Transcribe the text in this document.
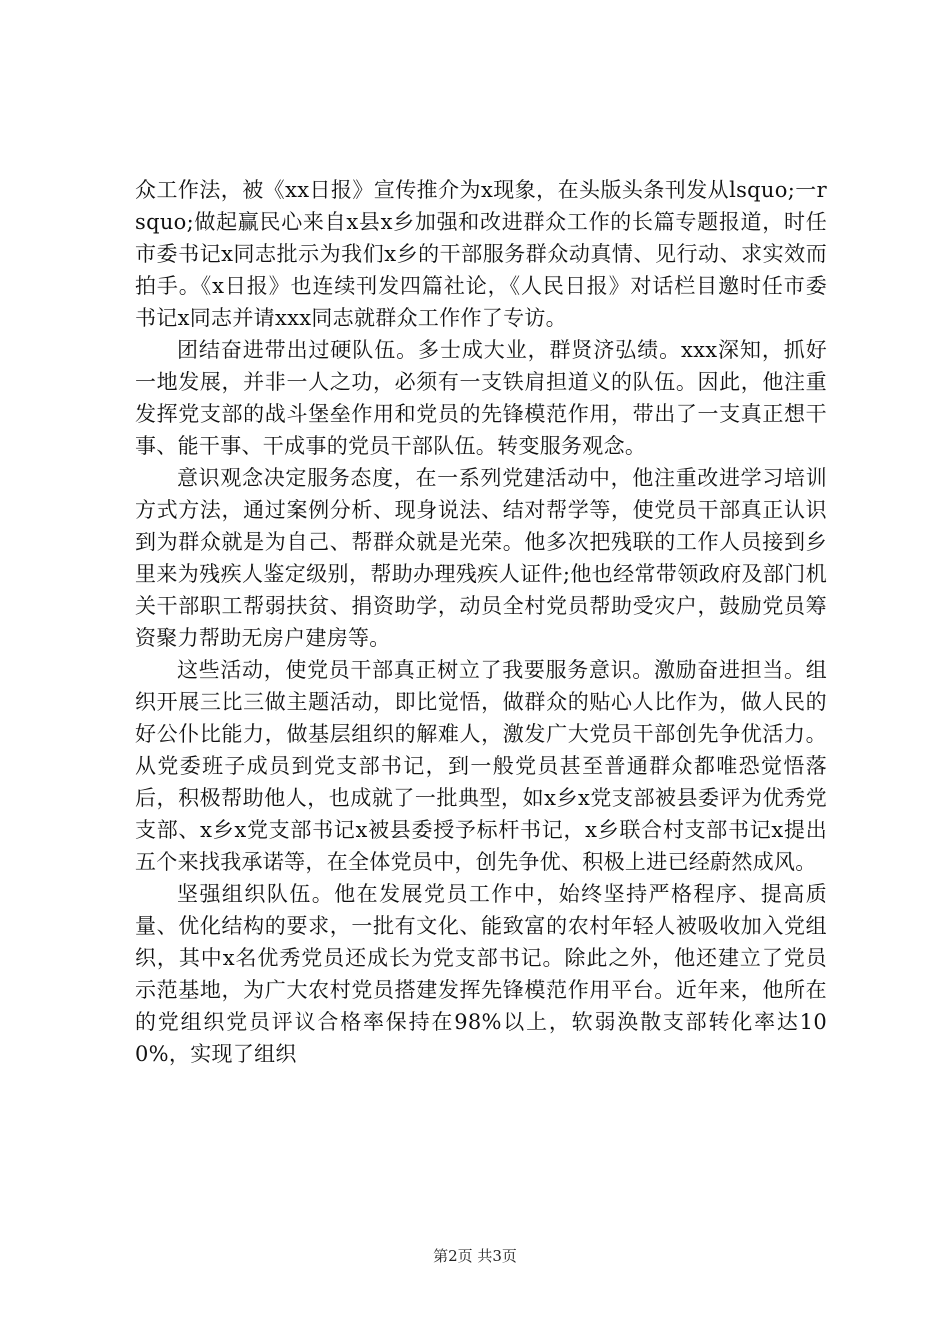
众工作法，被《xx日报》宣传推介为x现象，在头版头条刊发从lsquo;一rsquo;做起赢民心来自x县x乡加强和改进群众工作的长篇专题报道，时任市委书记x同志批示为我们x乡的干部服务群众动真情、见行动、求实效而拍手。《x日报》也连续刊发四篇社论，《人民日报》对话栏目邀时任市委书记x同志并请xxx同志就群众工作作了专访。

团结奋进带出过硬队伍。多士成大业，群贤济弘绩。xxx深知，抓好一地发展，并非一人之功，必须有一支铁肩担道义的队伍。因此，他注重发挥党支部的战斗堡垒作用和党员的先锋模范作用，带出了一支真正想干事、能干事、干成事的党员干部队伍。转变服务观念。

意识观念决定服务态度，在一系列党建活动中，他注重改进学习培训方式方法，通过案例分析、现身说法、结对帮学等，使党员干部真正认识到为群众就是为自己、帮群众就是光荣。他多次把残联的工作人员接到乡里来为残疾人鉴定级别，帮助办理残疾人证件;他也经常带领政府及部门机关干部职工帮弱扶贫、捐资助学，动员全村党员帮助受灾户，鼓励党员筹资聚力帮助无房户建房等。

这些活动，使党员干部真正树立了我要服务意识。激励奋进担当。组织开展三比三做主题活动，即比觉悟，做群众的贴心人比作为，做人民的好公仆比能力，做基层组织的解难人，激发广大党员干部创先争优活力。从党委班子成员到党支部书记，到一般党员甚至普通群众都唯恐觉悟落后，积极帮助他人，也成就了一批典型，如x乡x党支部被县委评为优秀党支部、x乡x党支部书记x被县委授予标杆书记，x乡联合村支部书记x提出五个来找我承诺等，在全体党员中，创先争优、积极上进已经蔚然成风。

坚强组织队伍。他在发展党员工作中，始终坚持严格程序、提高质量、优化结构的要求，一批有文化、能致富的农村年轻人被吸收加入党组织，其中x名优秀党员还成长为党支部书记。除此之外，他还建立了党员示范基地，为广大农村党员搭建发挥先锋模范作用平台。近年来，他所在的党组织党员评议合格率保持在98%以上，软弱涣散支部转化率达100%，实现了组织

第2页 共3页
